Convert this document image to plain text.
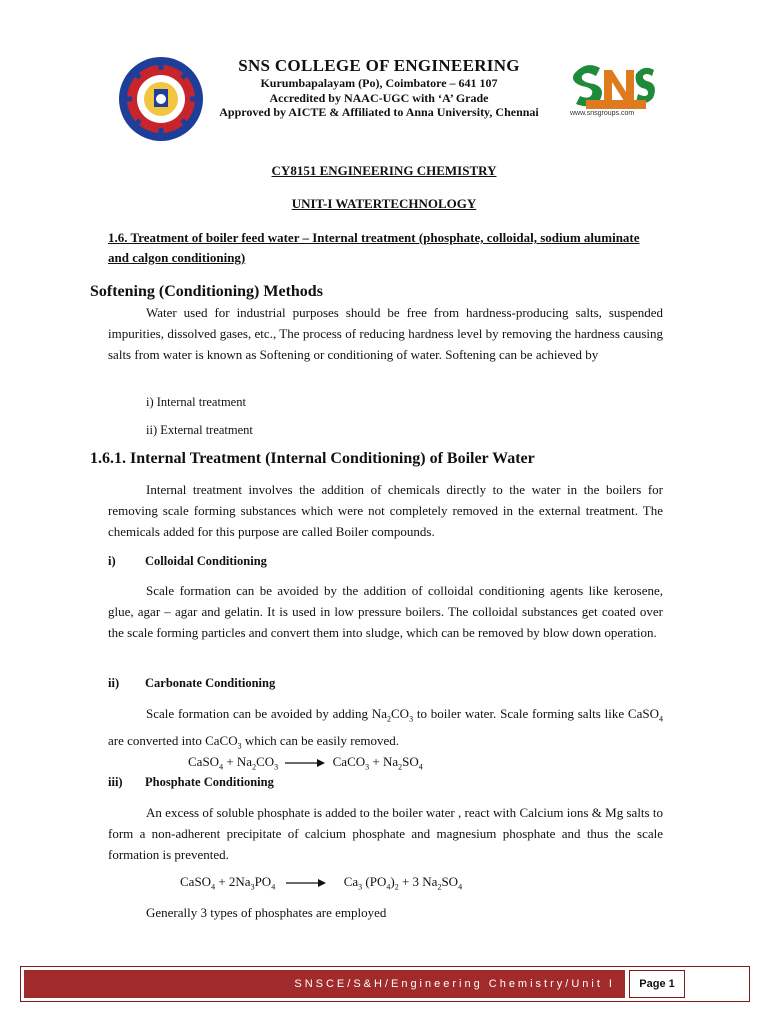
SNS COLLEGE OF ENGINEERING
Kurumbapalayam (Po), Coimbatore – 641 107
Accredited by NAAC-UGC with ‘A’ Grade
Approved by AICTE & Affiliated to Anna University, Chennai	www.snsgroups.com
CY8151 ENGINEERING CHEMISTRY
UNIT-I WATERTECHNOLOGY
1.6. Treatment of boiler feed water – Internal treatment (phosphate, colloidal, sodium aluminate and calgon conditioning)
Softening (Conditioning) Methods
Water used for industrial purposes should be free from hardness-producing salts, suspended impurities, dissolved gases, etc., The process of reducing hardness level by removing the hardness causing salts from water is known as Softening or conditioning of water. Softening can be achieved by
i) Internal treatment
ii) External treatment
1.6.1. Internal Treatment (Internal Conditioning) of Boiler Water
Internal treatment involves the addition of chemicals directly to the water in the boilers for removing scale forming substances which were not completely removed in the external treatment. The chemicals added for this purpose are called Boiler compounds.
i) Colloidal Conditioning
Scale formation can be avoided by the addition of colloidal conditioning agents like kerosene, glue, agar – agar and gelatin. It is used in low pressure boilers. The colloidal substances get coated over the scale forming particles and convert them into sludge, which can be removed by blow down operation.
ii) Carbonate Conditioning
Scale formation can be avoided by adding $Na_2CO_3$ to boiler water. Scale forming salts like CaSO$_4$ are converted into CaCO$_3$ which can be easily removed.
CaSO$_4$ + $Na_2CO_3$ → CaCO$_3$ + $Na_2SO_4$
iii) Phosphate Conditioning
An excess of soluble phosphate is added to the boiler water , react with Calcium ions & Mg salts to form a non-adherent precipitate of calcium phosphate and magnesium phosphate and thus the scale formation is prevented.
CaSO$_4$ + $2Na_3PO_4 \to Ca_3$ $(PO_4)_2 + 3$ $Na_2SO_4$
Generally 3 types of phosphates are employed
SNSCE/S&H/Engineering Chemistry/Unit I	Page 1
